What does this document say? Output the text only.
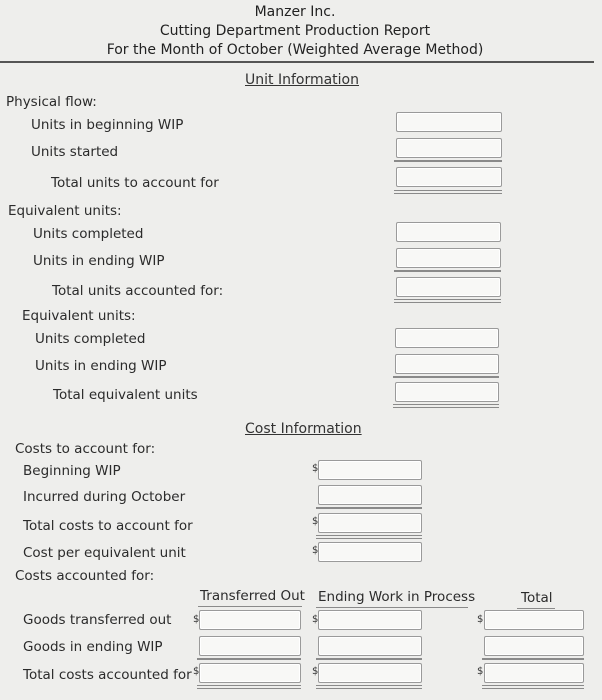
Manzer Inc.
Cutting Department Production Report
For the Month of October (Weighted Average Method)
Unit Information
Physical flow:
Units in beginning WIP
Units started
Total units to account for
Equivalent units:
Units completed
Units in ending WIP
Total units accounted for:
Equivalent units:
Units completed
Units in ending WIP
Total equivalent units
Cost Information
Costs to account for:
Beginning WIP
Incurred during October
Total costs to account for
Cost per equivalent unit
Costs accounted for:
$
$
$
Transferred Out Ending Work in Process	Total
Goods transferred out
Goods in ending WIP
Total costs accounted for
$
$
$
$
$
$
